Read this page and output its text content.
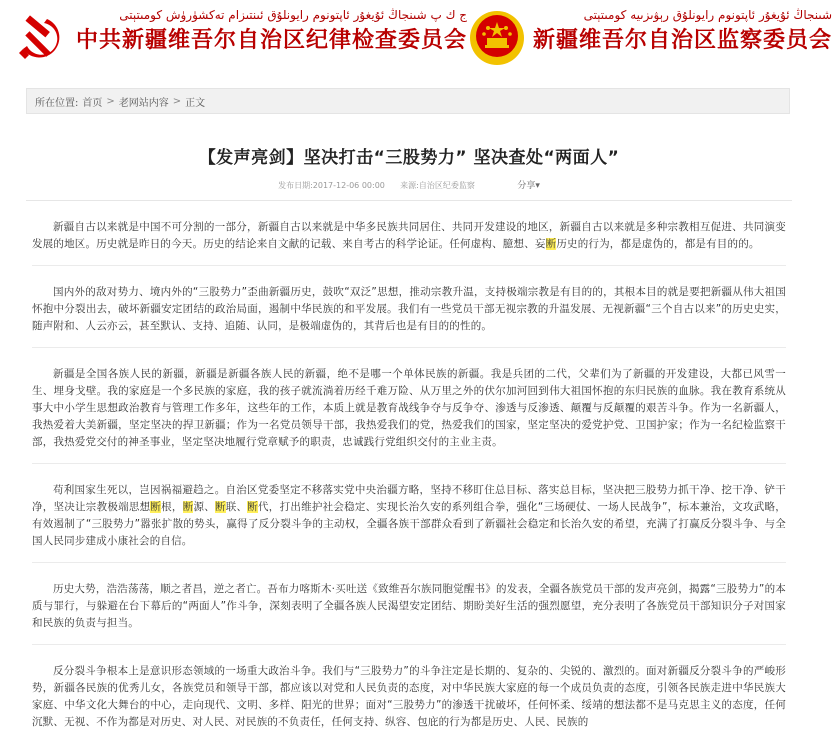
ج ك پ شىنجاڭ ئۇيغۇر ئاپتونوم رايونلۇق ئىنتىزام تەكشۈرۈش كومىتېتى
中共新疆维吾尔自治区纪律检查委员会
شىنجاڭ ئۇيغۇر ئاپتونوم رايونلۇق رېۋىزىيە كومىتېتى
新疆维吾尔自治区监察委员会
所在位置: 首页 > 老网站内容 > 正文
【发声亮剑】坚决打击“三股势力” 坚决查处“两面人”
发布日期:2017-12-06 00:00 来源:自治区纪委监察	分享▾

新疆自古以来就是中国不可分割的一部分，新疆自古以来就是中华多民族共同居住、共同开发建设的地区，新疆自古以来就是多种宗教相互促进、共同演变发展的地区。历史就是昨日的今天。历史的结论来自文献的记载、来自考古的科学论证。任何虚构、臆想、妄断历史的行为，都是虚伪的，都是有目的的。

国内外的敌对势力、境内外的“三股势力”歪曲新疆历史，鼓吹“双泛”思想，推动宗教升温，支持极端宗教是有目的的，其根本目的就是要把新疆从伟大祖国怀抱中分裂出去，破坏新疆安定团结的政治局面，遏制中华民族的和平发展。我们有一些党员干部无视宗教的升温发展、无视新疆“三个自古以来”的历史史实，随声附和、人云亦云，甚至默认、支持、追随、认同，是极端虚伪的，其背后也是有目的的性的。

新疆是全国各族人民的新疆，新疆是新疆各族人民的新疆，绝不是哪一个单体民族的新疆。我是兵团的二代，父辈们为了新疆的开发建设，大都已风雪一生、埋身戈壁。我的家庭是一个多民族的家庭，我的孩子就流淌着历经千难万险、从万里之外的伏尔加河回到伟大祖国怀抱的东归民族的血脉。我在教育系统从事大中小学生思想政治教育与管理工作多年，这些年的工作，本质上就是教育战线争夺与反争夺、渗透与反渗透、颠覆与反颠覆的艰苦斗争。作为一名新疆人，我热爱着大美新疆，坚定坚决的捍卫新疆；作为一名党员领导干部，我热爱我们的党，热爱我们的国家，坚定坚决的爱党护党、卫国护家；作为一名纪检监察干部，我热爱党交付的神圣事业，坚定坚决地履行党章赋予的职责，忠诚践行党组织交付的主业主责。

苟利国家生死以，岂因祸福避趋之。自治区党委坚定不移落实党中央治疆方略，坚持不移盯住总目标、落实总目标，坚决把三股势力抓干净、挖干净、铲干净，坚决让宗教极端思想断根，断源、断联、断代，打出维护社会稳定、实现长治久安的系列组合拳，强化“三场硬仗、一场人民战争”，标本兼治，文攻武略，有效遏制了“三股势力”嚣张扩散的势头，赢得了反分裂斗争的主动权，全疆各族干部群众看到了新疆社会稳定和长治久安的希望，充满了打赢反分裂斗争、与全国人民同步建成小康社会的自信。

历史大势，浩浩荡荡，顺之者昌，逆之者亡。吾布力喀斯木·买吐送《致维吾尔族同胞觉醒书》的发表，全疆各族党员干部的发声亮剑，揭露“三股势力”的本质与罪行，与躲避在台下幕后的“两面人”作斗争，深刻表明了全疆各族人民渴望安定团结、期盼美好生活的强烈愿望，充分表明了各族党员干部知识分子对国家和民族的负责与担当。

反分裂斗争根本上是意识形态领域的一场重大政治斗争。我们与“三股势力”的斗争注定是长期的、复杂的、尖锐的、激烈的。面对新疆反分裂斗争的严峻形势，新疆各民族的优秀儿女，各族党员和领导干部，都应该以对党和人民负责的态度，对中华民族大家庭的每一个成员负责的态度，引领各民族走进中华民族大家庭、中华文化大舞台的中心，走向现代、文明、多样、阳光的世界；面对“三股势力”的渗透干扰破坏，任何怀柔、绥靖的想法都不是马克思主义的态度，任何沉默、无视、不作为都是对历史、对人民、对民族的不负责任，任何支持、纵容、包庇的行为都是历史、人民、民族的
